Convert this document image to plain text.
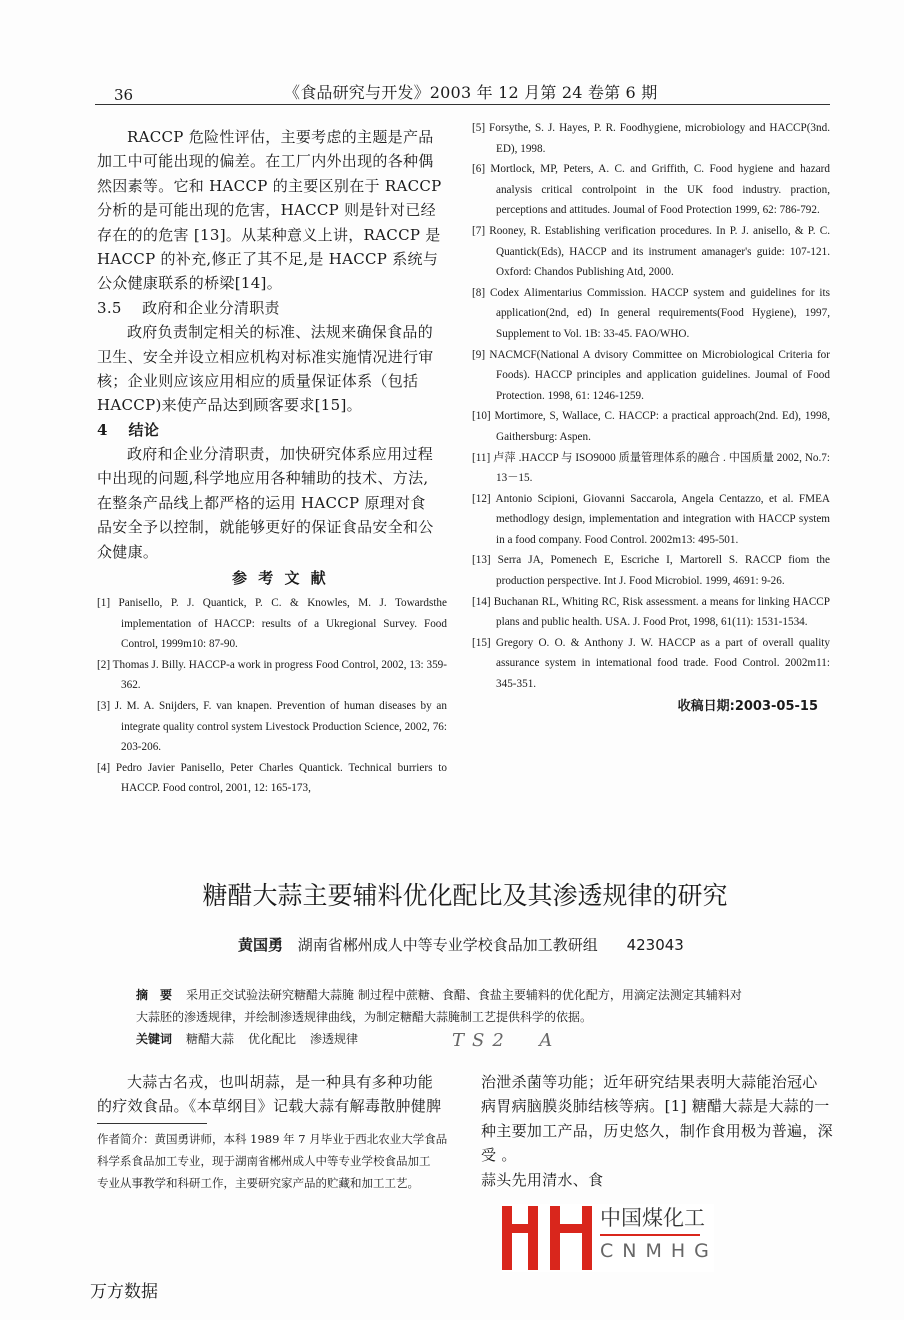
36	《食品研究与开发》2003 年 12 月第 24 卷第 6 期
RACCP 危险性评估，主要考虑的主题是产品
加工中可能出现的偏差。在工厂内外出现的各种偶
然因素等。它和 HACCP 的主要区别在于 RACCP
分析的是可能出现的危害，HACCP 则是针对已经
存在的的危害 [13]。从某种意义上讲，RACCP 是
HACCP 的补充,修正了其不足,是 HACCP 系统与
公众健康联系的桥梁[14]。
3.5　 政府和企业分清职责
政府负责制定相关的标准、法规来确保食品的
卫生、安全并设立相应机构对标准实施情况进行审
核；企业则应该应用相应的质量保证体系（包括
HACCP)来使产品达到顾客要求[15]。
4　 结论
政府和企业分清职责，加快研究体系应用过程
中出现的问题,科学地应用各种辅助的技术、方法,
在整条产品线上都严格的运用 HACCP 原理对食
品安全予以控制，就能够更好的保证食品安全和公
众健康。
参 考 文 献
[1] Panisello, P. J. Quantick, P. C. & Knowles, M. J. Towardsthe implementation of HACCP: results of a Ukregional Survey. Food Control, 1999m10: 87-90.
[2] Thomas J. Billy. HACCP-a work in progress Food Control, 2002, 13: 359-362.
[3] J. M. A. Snijders, F. van knapen. Prevention of human diseases by an integrate quality control system Livestock Production Science, 2002, 76: 203-206.
[4] Pedro Javier Panisello, Peter Charles Quantick. Technical burriers to HACCP. Food control, 2001, 12: 165-173,
[5] Forsythe, S. J. Hayes, P. R. Foodhygiene, microbiology and HACCP(3nd. ED), 1998.
[6] Mortlock, MP, Peters, A. C. and Griffith, C. Food hygiene and hazard analysis critical controlpoint in the UK food industry. praction, perceptions and attitudes. Joumal of Food Protection 1999, 62: 786-792.
[7] Rooney, R. Establishing verification procedures. In P. J. anisello, & P. C. Quantick(Eds), HACCP and its instrument amanager's guide: 107-121. Oxford: Chandos Publishing Atd, 2000.
[8] Codex Alimentarius Commission. HACCP system and guidelines for its application(2nd, ed) In general requirements(Food Hygiene), 1997, Supplement to Vol. 1B: 33-45. FAO/WHO.
[9] NACMCF(National A dvisory Committee on Microbiological Criteria for Foods). HACCP principles and application guidelines. Joumal of Food Protection. 1998, 61: 1246-1259.
[10] Mortimore, S, Wallace, C. HACCP: a practical approach(2nd. Ed), 1998, Gaithersburg: Aspen.
[11] 卢萍 .HACCP 与 ISO9000 质量管理体系的融合 . 中国质量 2002, No.7: 13－15.
[12] Antonio Scipioni, Giovanni Saccarola, Angela Centazzo, et al. FMEA methodlogy design, implementation and integration with HACCP system in a food company. Food Control. 2002m13: 495-501.
[13] Serra JA, Pomenech E, Escriche I, Martorell S. RACCP fiom the production perspective. Int J. Food Microbiol. 1999, 4691: 9-26.
[14] Buchanan RL, Whiting RC, Risk assessment. a means for linking HACCP plans and public health. USA. J. Food Prot, 1998, 61(11): 1531-1534.
[15] Gregory O. O. & Anthony J. W. HACCP as a part of overall quality assurance system in intemational food trade. Food Control. 2002m11: 345-351.
收稿日期:2003-05-15
糖醋大蒜主要辅料优化配比及其渗透规律的研究
黄国勇 湖南省郴州成人中等专业学校食品加工教研组 423043
摘　要 采用正交试验法研究糖醋大蒜腌 制过程中蔗糖、食醋、食盐主要辅料的优化配方，用滴定法测定其辅料对
大蒜胚的渗透规律，并绘制渗透规律曲线，为制定糖醋大蒜腌制工艺提供科学的依据。
关键词 糖醋大蒜 优化配比 渗透规律	TS2  A
大蒜古名戎，也叫胡蒜，是一种具有多种功能
的疗效食品。《本草纲目》记载大蒜有解毒散肿健脾
作者简介：黄国勇讲师，本科 1989 年 7 月毕业于西北农业大学食品
科学系食品加工专业，现于湖南省郴州成人中等专业学校食品加工
专业从事教学和科研工作，主要研究家产品的贮藏和加工工艺。
治泄杀菌等功能；近年研究结果表明大蒜能治冠心
病胃病脑膜炎肺结核等病。[1] 糖醋大蒜是大蒜的一
种主要加工产品，历史悠久，制作食用极为普遍，深
受 。
蒜头先用清水、食
中国煤化工
CNMHG
万方数据
